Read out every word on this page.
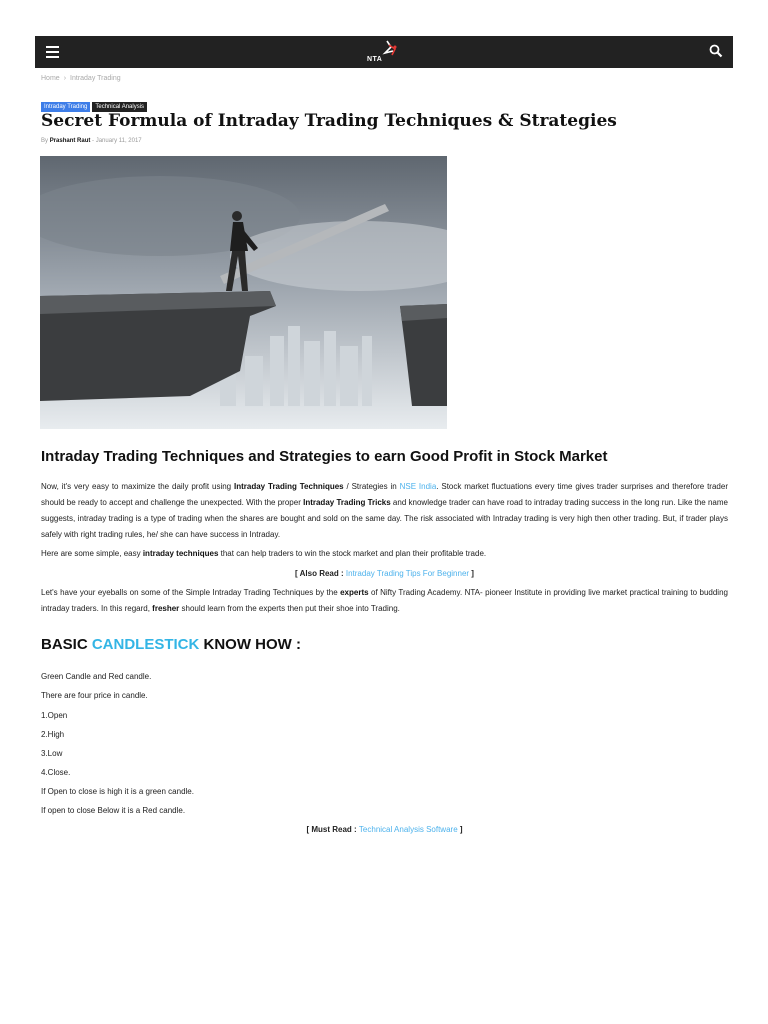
NTA
Home › Intraday Trading
Intraday Trading Technical Analysis
Secret Formula of Intraday Trading Techniques & Strategies
By Prashant Raut - January 11, 2017
Intraday Trading Techniques and Strategies to earn Good Profit in Stock Market

Now, it's very easy to maximize the daily profit using Intraday Trading Techniques / Strategies in NSE India. Stock market fluctuations every time gives trader surprises and therefore trader should be ready to accept and challenge the unexpected. With the proper Intraday Trading Tricks and knowledge trader can have road to intraday trading success in the long run. Like the name suggests, intraday trading is a type of trading when the shares are bought and sold on the same day. The risk associated with Intraday trading is very high then other trading. But, if trader plays safely with right trading rules, he/ she can have success in Intraday.

Here are some simple, easy intraday techniques that can help traders to win the stock market and plan their profitable trade.

[ Also Read : Intraday Trading Tips For Beginner ]

Let's have your eyeballs on some of the Simple Intraday Trading Techniques by the experts of Nifty Trading Academy. NTA- pioneer Institute in providing live market practical training to budding intraday traders. In this regard, fresher should learn from the experts then put their shoe into Trading.

BASIC CANDLESTICK KNOW HOW :

Green Candle and Red candle.

There are four price in candle.

1.Open

2.High

3.Low

4.Close.

If Open to close is high it is a green candle.

If open to close Below it is a Red candle.

[ Must Read : Technical Analysis Software ]
